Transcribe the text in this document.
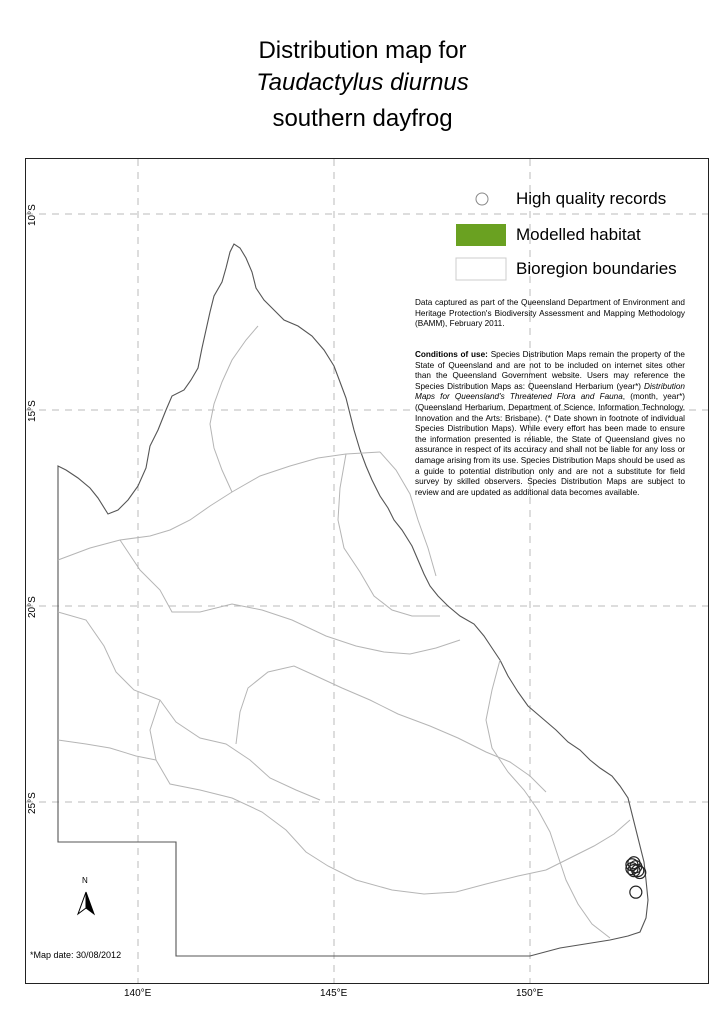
Distribution map for
Taudactylus diurnus
southern dayfrog
10°S
15°S
20°S
25°S
140°E	145°E	150°E
High quality records
Modelled habitat
Bioregion boundaries
Data captured as part of the Queensland Department of Environment and Heritage Protection's Biodiversity Assessment and Mapping Methodology (BAMM), February 2011.
Conditions of use: Species Distribution Maps remain the property of the State of Queensland and are not to be included on internet sites other than the Queensland Government website. Users may reference the Species Distribution Maps as: Queensland Herbarium (year*) Distribution Maps for Queensland's Threatened Flora and Fauna, (month, year*) (Queensland Herbarium, Department of Science, Information Technology, Innovation and the Arts: Brisbane). (* Date shown in footnote of individual Species Distribution Maps). While every effort has been made to ensure the information presented is reliable, the State of Queensland gives no assurance in respect of its accuracy and shall not be liable for any loss or damage arising from its use. Species Distribution Maps should be used as a guide to potential distribution only and are not a substitute for field survey by skilled observers. Species Distribution Maps are subject to review and are updated as additional data becomes available.
*Map date: 30/08/2012
N
